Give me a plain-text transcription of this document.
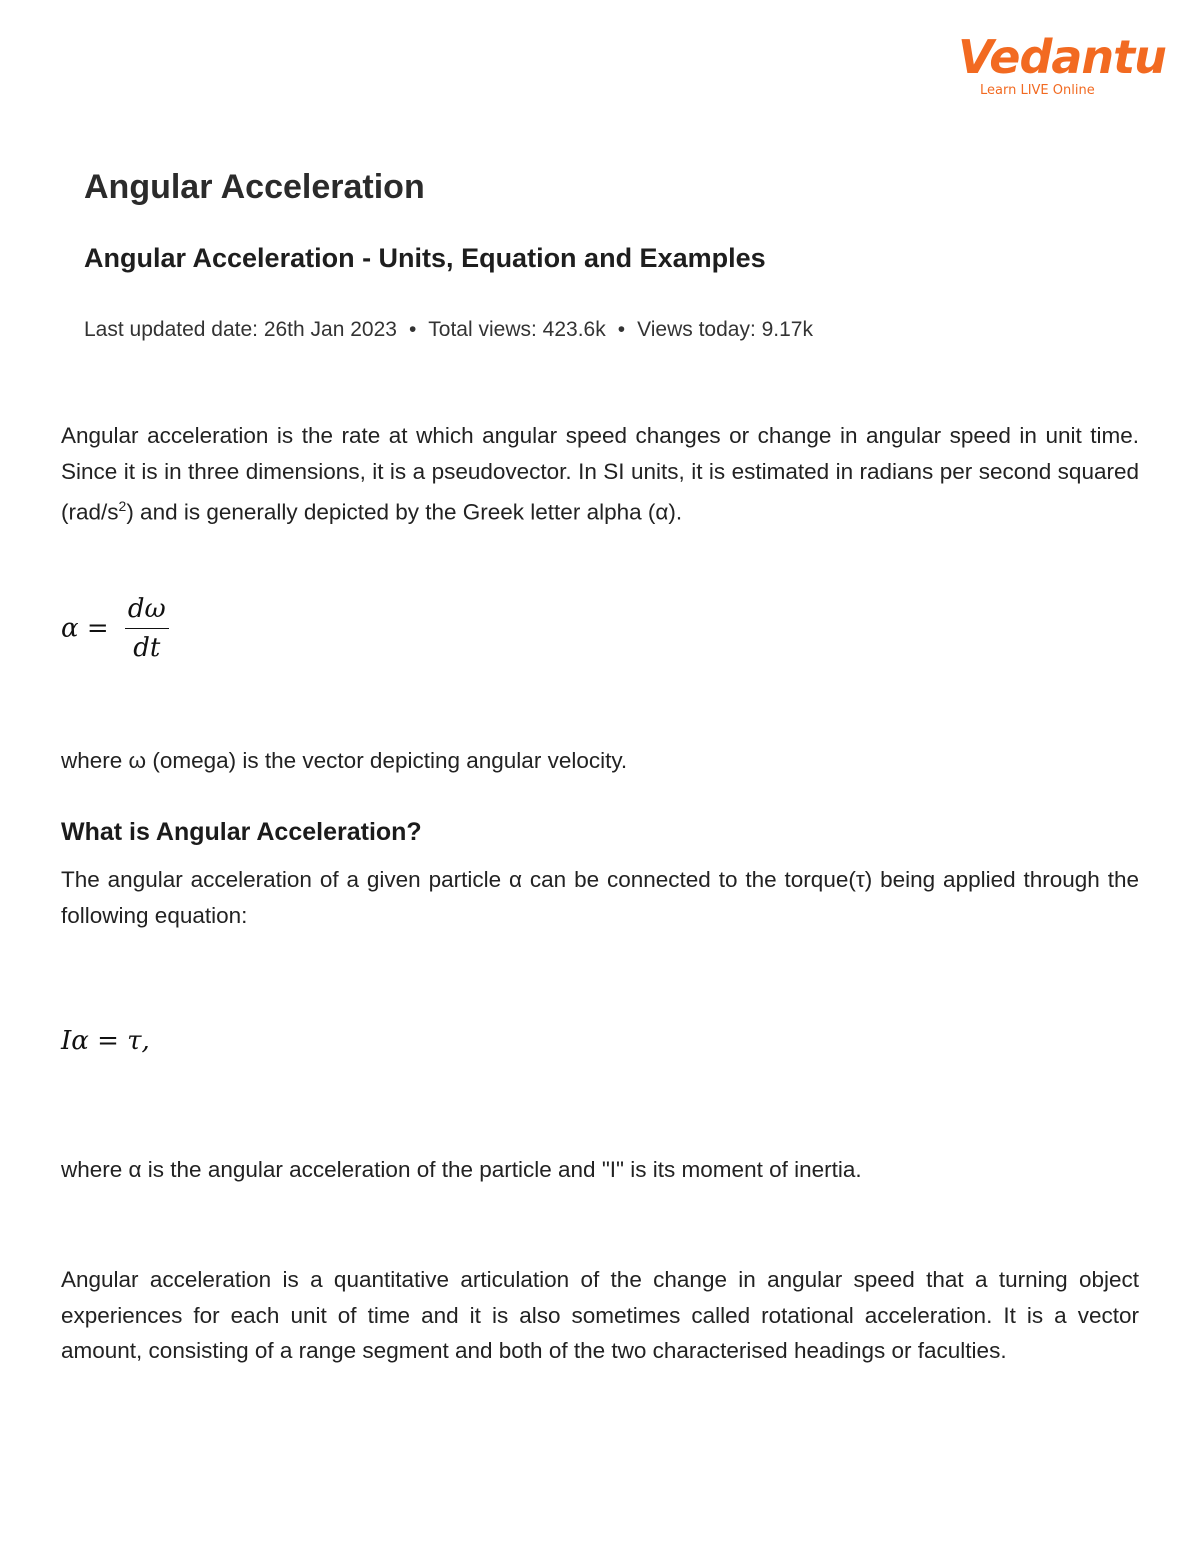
Vedantu
Learn LIVE Online
Angular Acceleration
Angular Acceleration - Units, Equation and Examples
Last updated date: 26th Jan 2023 • Total views: 423.6k • Views today: 9.17k

Angular acceleration is the rate at which angular speed changes or change in angular speed in unit time. Since it is in three dimensions, it is a pseudovector. In SI units, it is estimated in radians per second squared $(rad/s^2)$ and is generally depicted by the Greek letter alpha (α).

$\alpha = \frac{d\omega}{dt}$

where ω (omega) is the vector depicting angular velocity.

What is Angular Acceleration?

The angular acceleration of a given particle α can be connected to the torque(τ) being applied through the following equation:

Iα = τ,

where α is the angular acceleration of the particle and "I" is its moment of inertia.

Angular acceleration is a quantitative articulation of the change in angular speed that a turning object experiences for each unit of time and it is also sometimes called rotational acceleration. It is a vector amount, consisting of a range segment and both of the two characterised headings or faculties.
